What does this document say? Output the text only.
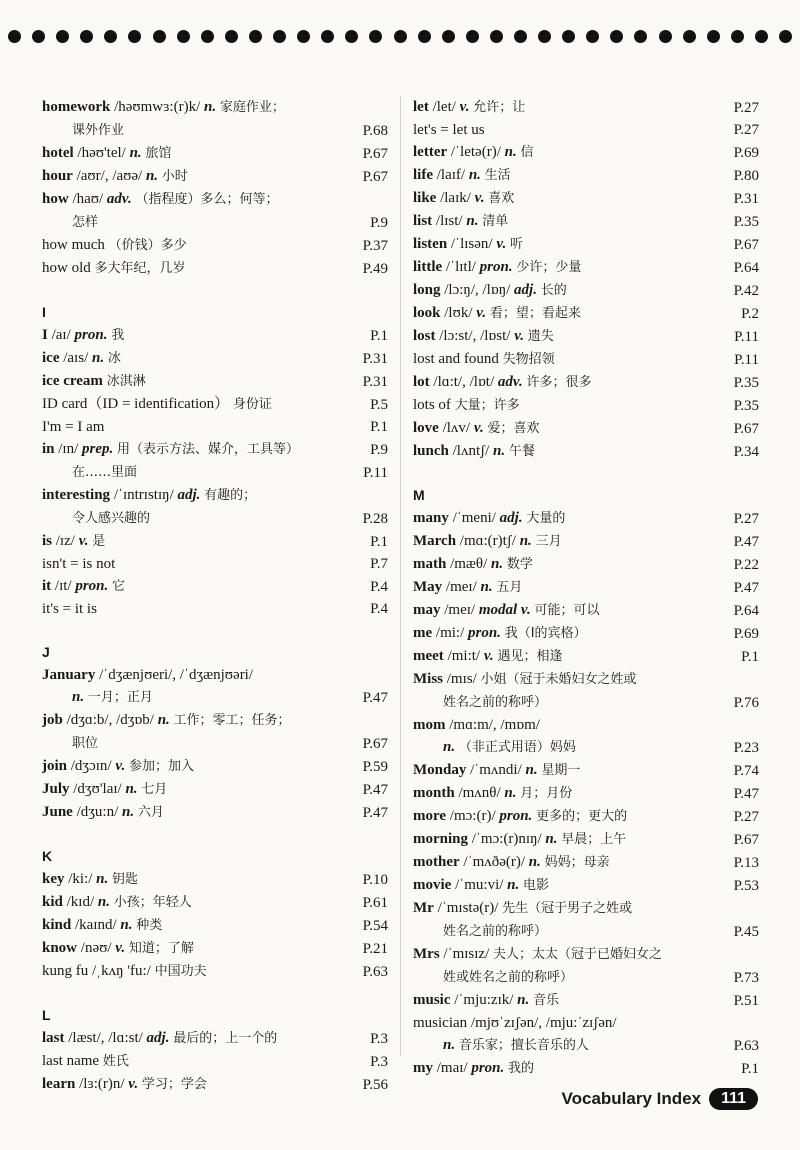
homework /həʊmwɜ:(r)k/ n. 家庭作业；
课外作业	P.68
hotel /həʊ'tel/ n. 旅馆	P.67
hour /aʊr/, /aʊə/ n. 小时	P.67
how /haʊ/ adv. （指程度）多么；何等；
怎样	P.9
how much （价钱）多少	P.37
how old 多大年纪，几岁	P.49
I
I /aɪ/ pron. 我	P.1
ice /aɪs/ n. 冰	P.31
ice cream 冰淇淋	P.31
ID card（ID = identification） 身份证	P.5
I'm = I am	P.1
in /ɪn/ prep. 用（表示方法、媒介，工具等）	P.9
在……里面	P.11
interesting /ˈɪntrɪstɪŋ/ adj. 有趣的；
令人感兴趣的	P.28
is /ɪz/ v. 是	P.1
isn't = is not	P.7
it /ɪt/ pron. 它	P.4
it's = it is	P.4
J
January /ˈdʒænjʊeri/, /ˈdʒænjʊəri/
n. 一月；正月	P.47
job /dʒɑ:b/, /dʒɒb/ n. 工作；零工；任务；
职位	P.67
join /dʒɔɪn/ v. 参加；加入	P.59
July /dʒʊ'laɪ/ n. 七月	P.47
June /dʒu:n/ n. 六月	P.47
K
key /ki:/ n. 钥匙	P.10
kid /kɪd/ n. 小孩；年轻人	P.61
kind /kaɪnd/ n. 种类	P.54
know /nəʊ/ v. 知道；了解	P.21
kung fu /ˌkʌŋ 'fu:/ 中国功夫	P.63
L
last /læst/, /lɑ:st/ adj. 最后的；上一个的	P.3
last name 姓氏	P.3
learn /lɜ:(r)n/ v. 学习；学会	P.56
let /let/ v. 允许；让	P.27
let's = let us	P.27
letter /ˈletə(r)/ n. 信	P.69
life /laɪf/ n. 生活	P.80
like /laɪk/ v. 喜欢	P.31
list /lɪst/ n. 清单	P.35
listen /ˈlɪsən/ v. 听	P.67
little /ˈlɪtl/ pron. 少许；少量	P.64
long /lɔ:ŋ/, /lɒŋ/ adj. 长的	P.42
look /lʊk/ v. 看；望；看起来	P.2
lost /lɔ:st/, /lɒst/ v. 遗失	P.11
lost and found 失物招领	P.11
lot /lɑ:t/, /lɒt/ adv. 许多；很多	P.35
lots of 大量；许多	P.35
love /lʌv/ v. 爱；喜欢	P.67
lunch /lʌntʃ/ n. 午餐	P.34
M
many /ˈmeni/ adj. 大量的	P.27
March /mɑ:(r)tʃ/ n. 三月	P.47
math /mæθ/ n. 数学	P.22
May /meɪ/ n. 五月	P.47
may /meɪ/ modal v. 可能；可以	P.64
me /mi:/ pron. 我（I的宾格）	P.69
meet /mi:t/ v. 遇见；相逢	P.1
Miss /mɪs/ 小姐（冠于未婚妇女之姓或
姓名之前的称呼）	P.76
mom /mɑ:m/, /mɒm/
n. （非正式用语）妈妈	P.23
Monday /ˈmʌndi/ n. 星期一	P.74
month /mʌnθ/ n. 月；月份	P.47
more /mɔ:(r)/ pron. 更多的；更大的	P.27
morning /ˈmɔ:(r)nɪŋ/ n. 早晨；上午	P.67
mother /ˈmʌðə(r)/ n. 妈妈；母亲	P.13
movie /ˈmu:vi/ n. 电影	P.53
Mr /ˈmɪstə(r)/ 先生（冠于男子之姓或
姓名之前的称呼）	P.45
Mrs /ˈmɪsɪz/ 夫人；太太（冠于已婚妇女之
姓或姓名之前的称呼）	P.73
music /ˈmju:zɪk/ n. 音乐	P.51
musician /mjʊˈzɪʃən/, /mju:ˈzɪʃən/
n. 音乐家；擅长音乐的人	P.63
my /maɪ/ pron. 我的	P.1
Vocabulary Index	111
